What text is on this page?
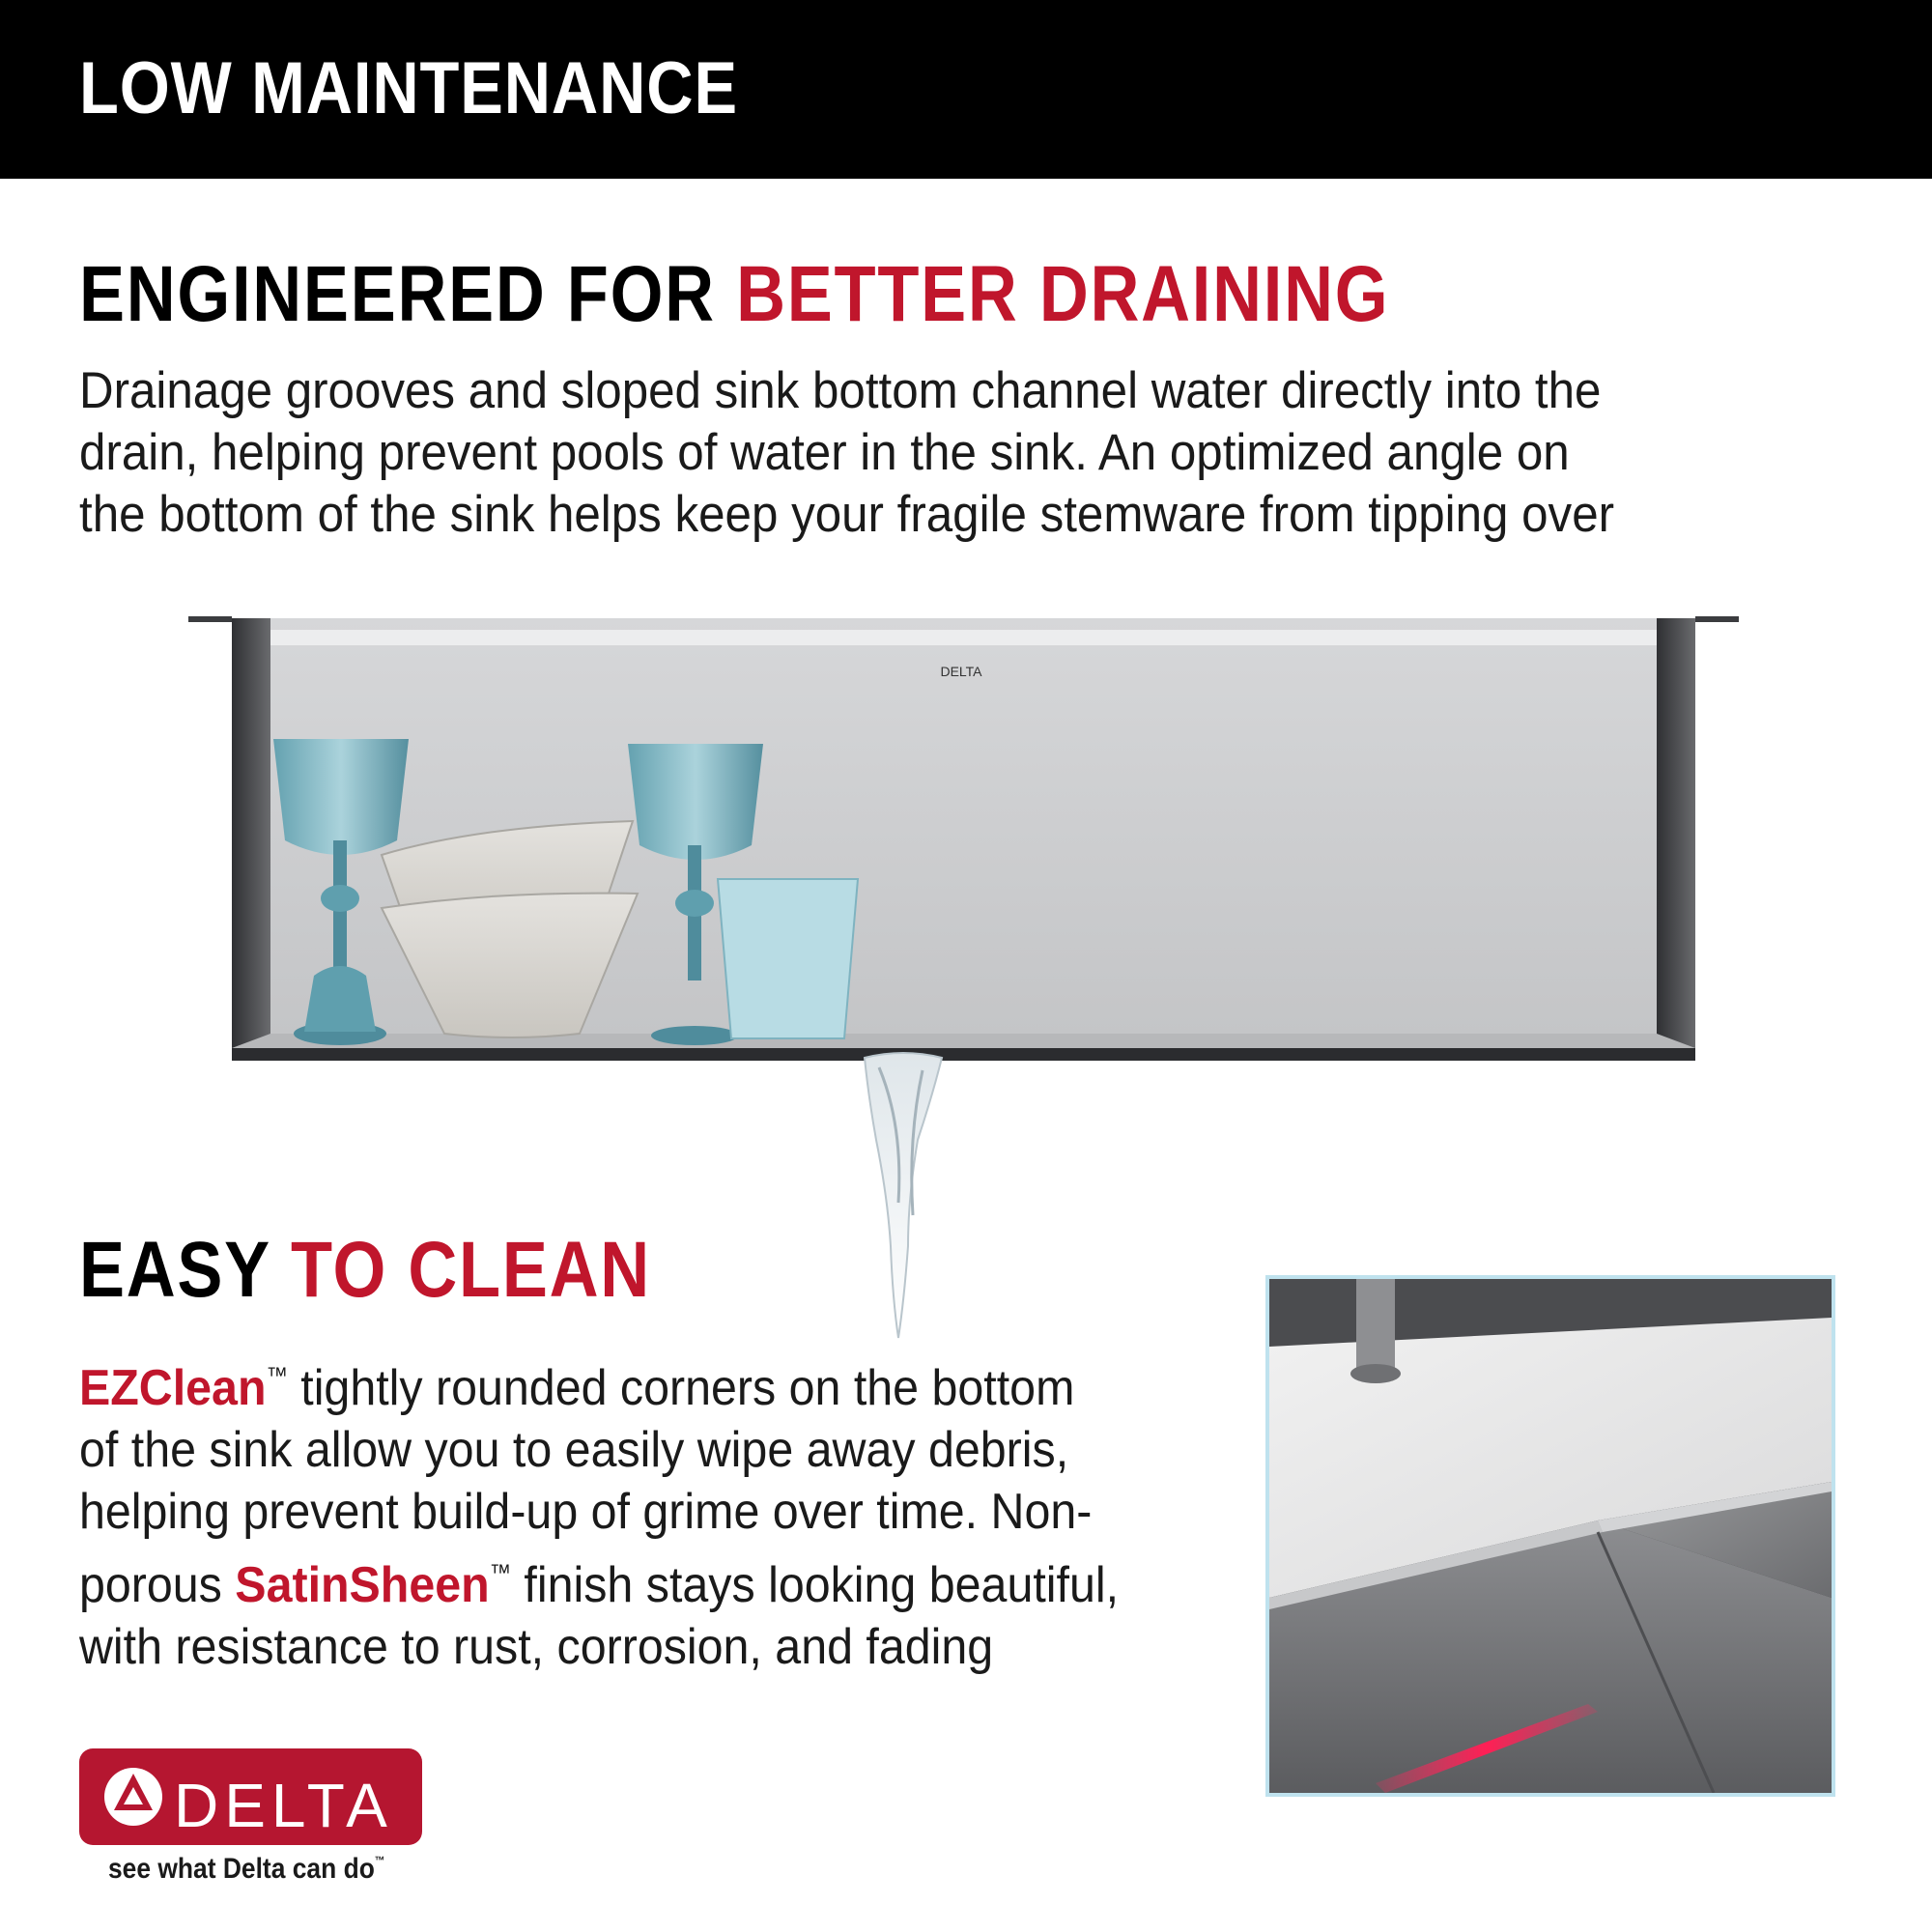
LOW MAINTENANCE
ENGINEERED FOR BETTER DRAINING
Drainage grooves and sloped sink bottom channel water directly into the
drain, helping prevent pools of water in the sink. An optimized angle on
the bottom of the sink helps keep your fragile stemware from tipping over
DELTA
EASY TO CLEAN
EZClean™ tightly rounded corners on the bottom
of the sink allow you to easily wipe away debris,
helping prevent build-up of grime over time. Non-
porous SatinSheen™ finish stays looking beautiful,
with resistance to rust, corrosion, and fading
DELTA
see what Delta can do™
